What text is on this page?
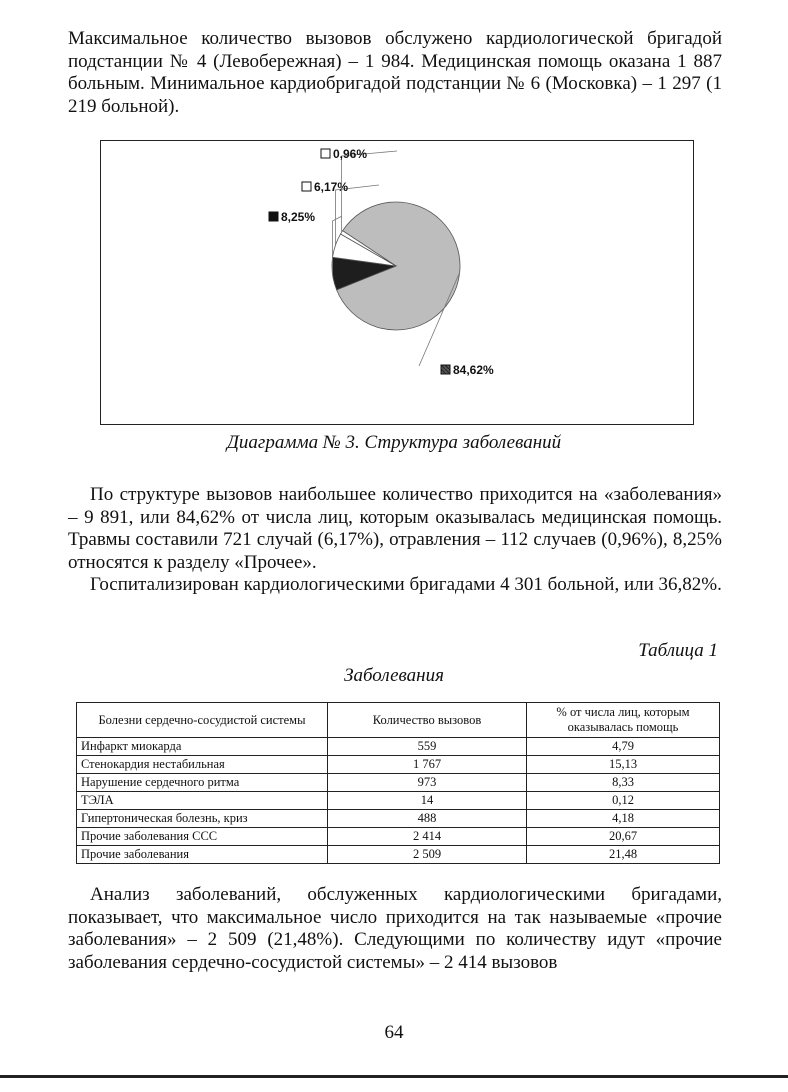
Максимальное количество вызовов обслужено кардиологической бригадой подстанции № 4 (Левобережная) – 1 984. Медицинская помощь оказана 1 887 больным. Минимальное кардиобригадой подстанции № 6 (Московка) – 1 297 (1 219 больной).

84,62%
8,25%
6,17%
0,96%
Диаграмма № 3. Структура заболеваний

По структуре вызовов наибольшее количество приходится на «заболевания» – 9 891, или 84,62% от числа лиц, которым оказывалась медицинская помощь. Травмы составили 721 случай (6,17%), отравления – 112 случаев (0,96%), 8,25% относятся к разделу «Прочее».

Госпитализирован кардиологическими бригадами 4 301 больной, или 36,82%.

Таблица 1
Заболевания
Болезни сердечно-сосудистой системы	Количество вызовов	% от числа лиц, которым оказывалась помощь
Инфаркт миокарда	559	4,79
Стенокардия нестабильная	1 767	15,13
Нарушение сердечного ритма	973	8,33
ТЭЛА	14	0,12
Гипертоническая болезнь, криз	488	4,18
Прочие заболевания ССС	2 414	20,67
Прочие заболевания	2 509	21,48

Анализ заболеваний, обслуженных кардиологическими бригадами, показывает, что максимальное число приходится на так называемые «прочие заболевания» – 2 509 (21,48%). Следующими по количеству идут «прочие заболевания сердечно-сосудистой системы» – 2 414 вызовов

64
